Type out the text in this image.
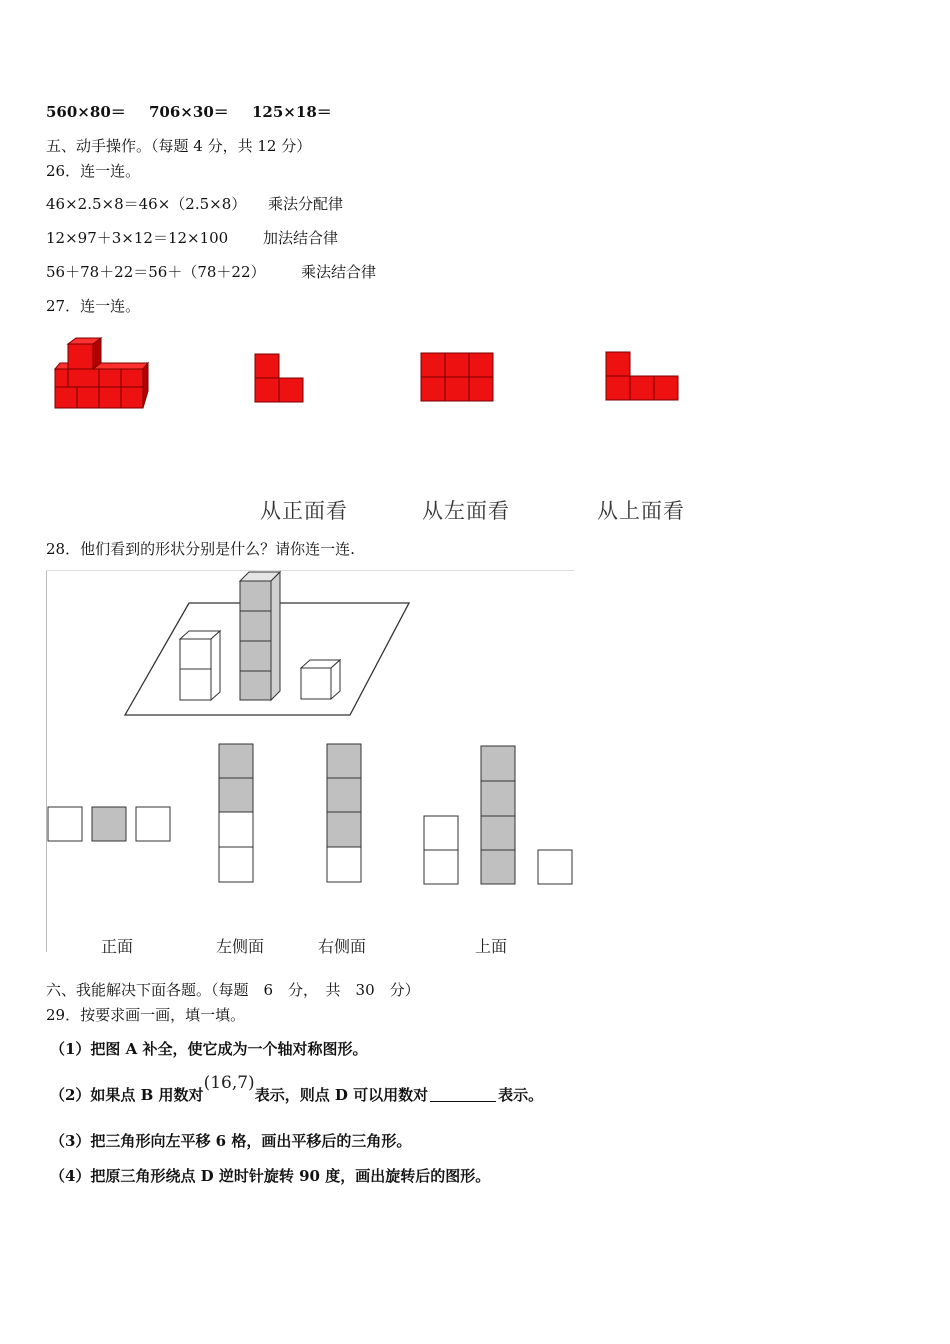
560×80＝ 706×30＝ 125×18＝
五、动手操作。（每题 4 分，共 12 分）
26．连一连。
46×2.5×8＝46×（2.5×8） 乘法分配律
12×97＋3×12＝12×100 加法结合律
56＋78＋22＝56＋（78＋22） 乘法结合律
27．连一连。
从正面看	从左面看	从上面看
28．他们看到的形状分别是什么？请你连一连.
正面	左侧面	右侧面	上面
六、我能解决下面各题。（每题　6　分，　共　30　分）
29．按要求画一画，填一填。
（1）把图 A 补全，使它成为一个轴对称图形。
（2）如果点 B 用数对(16,7)表示，则点 D 可以用数对	表示。
（3）把三角形向左平移 6 格，画出平移后的三角形。
（4）把原三角形绕点 D 逆时针旋转 90 度，画出旋转后的图形。
